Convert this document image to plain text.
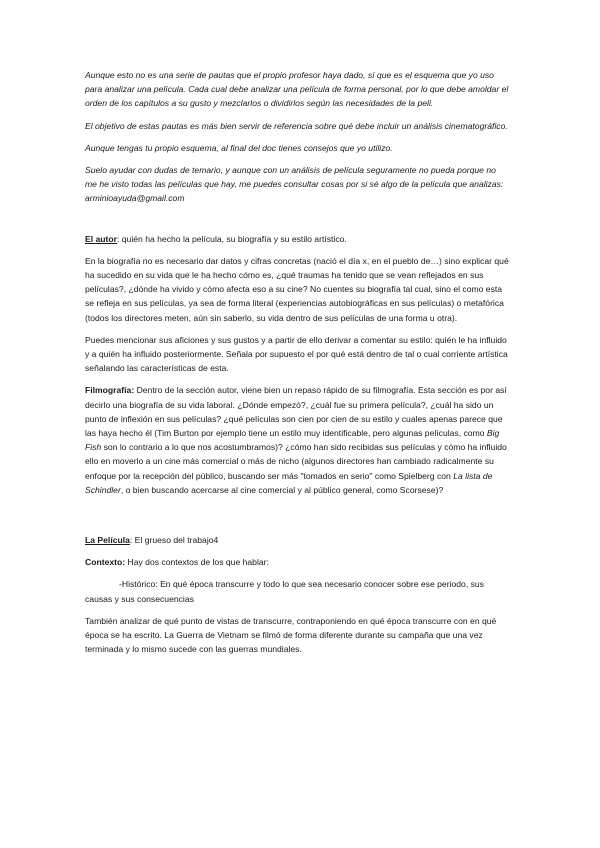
Aunque esto no es una serie de pautas que el propio profesor haya dado, sí que es el esquema que yo uso para analizar una película. Cada cual debe analizar una película de forma personal, por lo que debe amoldar el orden de los capítulos a su gusto y mezclarlos o dividirlos según las necesidades de la peli.

El objetivo de estas pautas es más bien servir de referencia sobre qué debe incluir un análisis cinematográfico.

Aunque tengas tu propio esquema, al final del doc tienes consejos que yo utilizo.

Suelo ayudar con dudas de temario, y aunque con un análisis de película seguramente no pueda porque no me he visto todas las películas que hay, me puedes consultar cosas por si sé algo de la película que analizas: arminioayuda@gmail.com

El autor: quién ha hecho la película, su biografía y su estilo artístico.

En la biografía no es necesario dar datos y cifras concretas (nació el día x, en el pueblo de…) sino explicar qué ha sucedido en su vida que le ha hecho cómo es, ¿qué traumas ha tenido que se vean reflejados en sus películas?, ¿dónde ha vivido y cómo afecta eso a su cine? No cuentes su biografía tal cual, sino el como esta se refleja en sus películas, ya sea de forma literal (experiencias autobiográficas en sus películas) o metafórica (todos los directores meten, aún sin saberlo, su vida dentro de sus películas de una forma u otra).

Puedes mencionar sus aficiones y sus gustos y a partir de ello derivar a comentar su estilo: quién le ha influido y a quién ha influido posteriormente. Señala por supuesto el por qué está dentro de tal o cual corriente artística señalando las características de esta.

Filmografía: Dentro de la sección autor, viene bien un repaso rápido de su filmografía. Esta sección es por así decirlo una biografía de su vida laboral. ¿Dónde empezó?, ¿cuál fue su primera película?, ¿cuál ha sido un punto de inflexión en sus películas? ¿qué películas son cien por cien de su estilo y cuales apenas parece que las haya hecho él (Tim Burton por ejemplo tiene un estilo muy identificable, pero algunas películas, como Big Fish son lo contrario a lo que nos acostumbramos)? ¿cómo han sido recibidas sus películas y cómo ha influido ello en moverlo a un cine más comercial o más de nicho (algunos directores han cambiado radicalmente su enfoque por la recepción del público, buscando ser más "tomados en serio" como Spielberg con La lista de Schindler, o bien buscando acercarse al cine comercial y al público general, como Scorsese)?

La Película: El grueso del trabajo4

Contexto: Hay dos contextos de los que hablar:

-Histórico: En qué época transcurre y todo lo que sea necesario conocer sobre ese periodo, sus causas y sus consecuencias

También analizar de qué punto de vistas de transcurre, contraponiendo en qué época transcurre con en qué época se ha escrito. La Guerra de Vietnam se filmó de forma diferente durante su campaña que una vez terminada y lo mismo sucede con las guerras mundiales.
